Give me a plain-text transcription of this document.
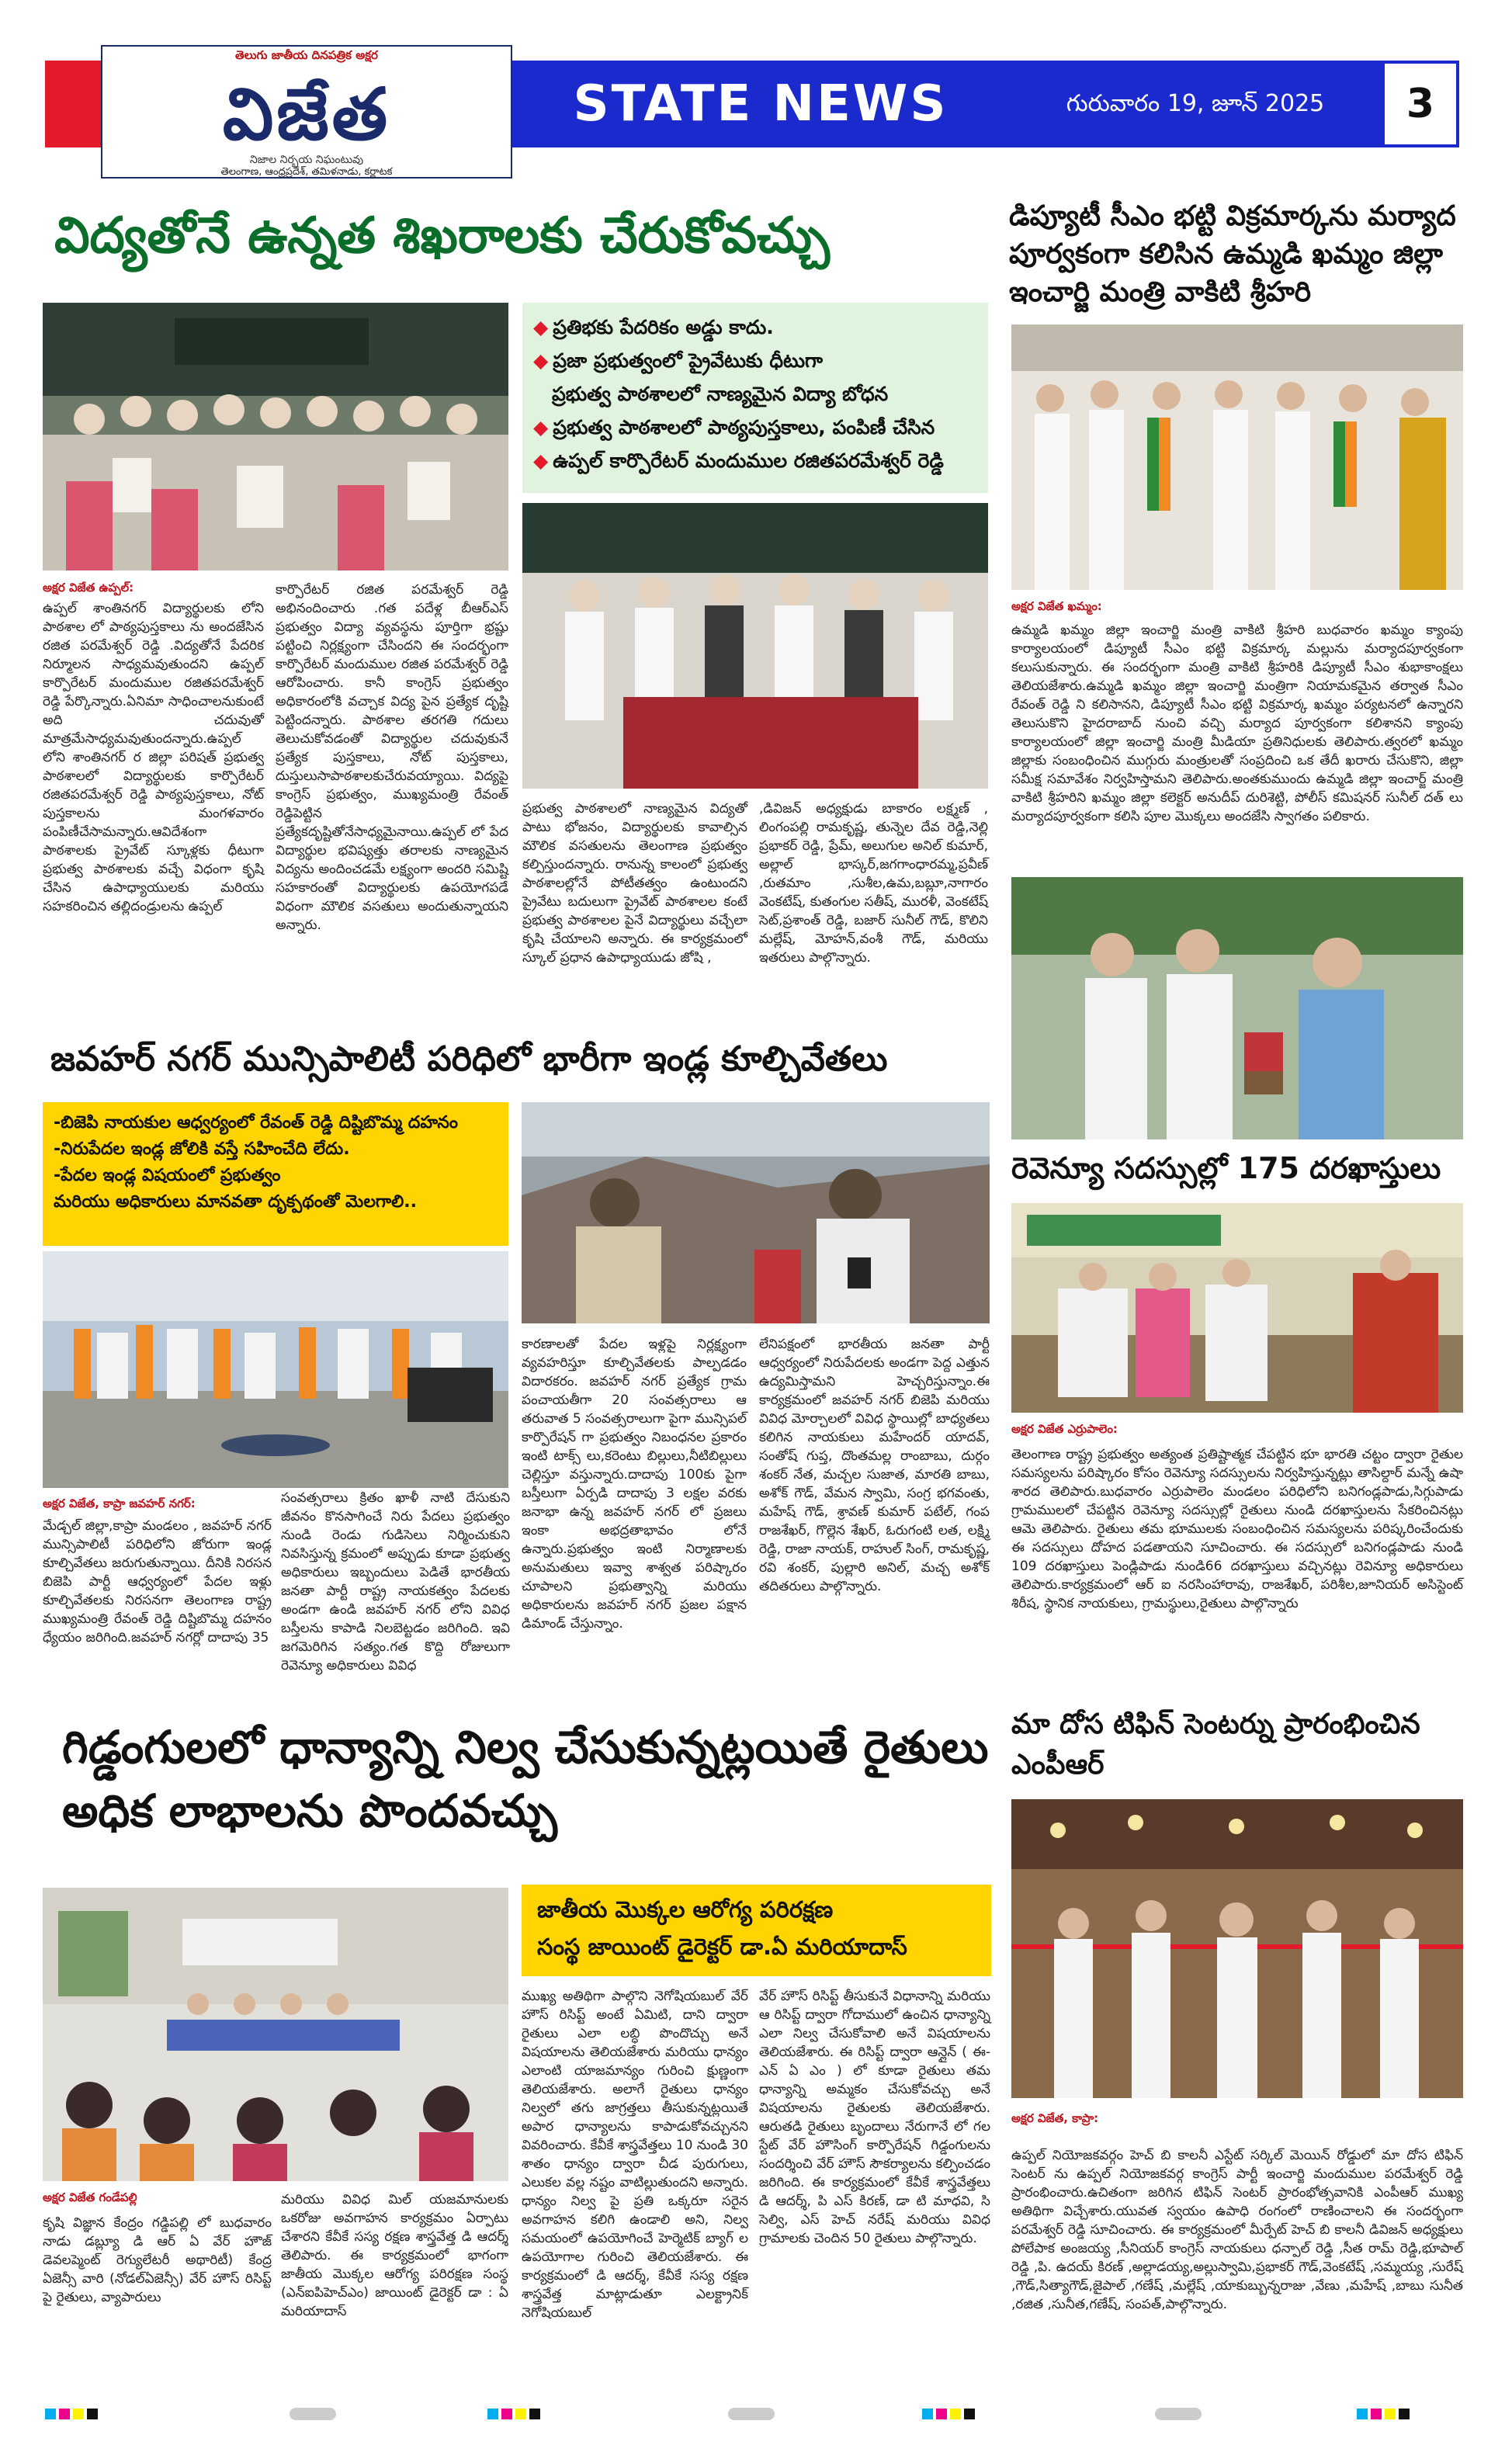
STATE NEWS	గురువారం 19, జూన్ 2025	3
తెలుగు జాతీయ దినపత్రిక అక్షర
విజేత
నిజాల నిర్భయ నిఘంటువు
తెలంగాణ, ఆంధ్రప్రదేశ్, తమిళనాడు, కర్ణాటక
విద్యతోనే ఉన్నత శిఖరాలకు చేరుకోవచ్చు
◆ ప్రతిభకు పేదరికం అడ్డు కాదు.
◆ ప్రజా ప్రభుత్వంలో ప్రైవేటుకు ధీటుగా
ప్రభుత్వ పాఠశాలలో నాణ్యమైన విద్యా బోధన
◆ ప్రభుత్వ పాఠశాలలో పాఠ్యపుస్తకాలు, పంపిణీ చేసిన
◆ ఉప్పల్ కార్పొరేటర్ మందుముల రజితపరమేశ్వర్ రెడ్డి
అక్షర విజేత ఉప్పల్:
ఉప్పల్ శాంతినగర్ విద్యార్థులకు లోని పాఠశాల లో పాఠ్యపుస్తకాలు ను అందజేసిన రజిత పరమేశ్వర్ రెడ్డి .విద్యతోనే పేదరిక నిర్మూలన సాధ్యమవుతుందని ఉప్పల్ కార్పొరేటర్ మందుముల రజితపరమేశ్వర్ రెడ్డి పేర్కొన్నారు.ఏనిమా సాధించాలనుకుంటే అది చదువుతో మాత్రమేసాధ్యమవుతుందన్నారు.ఉప్పల్ లోని శాంతినగర్ ర జిల్లా పరిషత్ ప్రభుత్వ పాఠశాలలో విద్యార్థులకు కార్పొరేటర్ రజితపరమేశ్వర్ రెడ్డి పాఠ్యపుస్తకాలు, నోట్ పుస్తకాలను మంగళవారం పంపిణీచేసామన్నారు.ఆవిదేశంగా పాఠశాలకు ప్రైవేట్ స్కూళ్లకు ధీటుగా ప్రభుత్వ పాఠశాలకు వచ్చే విధంగా కృషి చేసిన ఉపాధ్యాయులకు మరియు సహకరించిన తల్లిదండ్రులను ఉప్పల్
కార్పొరేటర్ రజిత పరమేశ్వర్ రెడ్డి అభినందించారు .గత పదేళ్ల బీఆర్ఎస్ ప్రభుత్వం విద్యా వ్యవస్థను పూర్తిగా భ్రష్టు పట్టించి నిర్లక్ష్యంగా చేసిందని ఈ సందర్భంగా కార్పొరేటర్ మందుముల రజిత పరమేశ్వర్ రెడ్డి ఆరోపించారు. కానీ కాంగ్రెస్ ప్రభుత్వం అధికారంలోకి వచ్చాక విద్య పైన ప్రత్యేక దృష్టి పెట్టిందన్నారు. పాఠశాల తరగతి గదులు తెలుచుకోవడంతో విద్యార్థుల చదువుకునే ప్రత్యేక పుస్తకాలు, నోట్ పుస్తకాలు, దుస్తులుసాపాఠశాలకుచేరువయ్యాయి. విద్యపై కాంగ్రెస్ ప్రభుత్వం, ముఖ్యమంత్రి రేవంత్ రెడ్డిపెట్టిన ప్రత్యేకదృష్టితోనేసాధ్యమైనాయి.ఉప్పల్ లో పేద విద్యార్థుల భవిష్యత్తు తరాలకు నాణ్యమైన విద్యను అందించడమే లక్ష్యంగా అందరి సమిష్టి సహకారంతో విద్యార్థులకు ఉపయోగపడే విధంగా మౌలిక వసతులు అందుతున్నాయని అన్నారు.
ప్రభుత్వ పాఠశాలలో నాణ్యమైన విద్యతో పాటు భోజనం, విద్యార్థులకు కావాల్సిన మౌలిక వసతులను తెలంగాణ ప్రభుత్వం కల్పిస్తుందన్నారు. రానున్న కాలంలో ప్రభుత్వ పాఠశాలల్లోనే పోటీతత్వం ఉంటుందని ప్రైవేటు బదులుగా ప్రైవేట్ పాఠశాలల కంటే ప్రభుత్వ పాఠశాలల పైనే విద్యార్థులు వచ్చేలా కృషి చేయాలని అన్నారు. ఈ కార్యక్రమంలో స్కూల్ ప్రధాన ఉపాధ్యాయుడు జోషి ,
,డివిజన్ అధ్యక్షుడు బాకారం లక్ష్మణ్ , లింగంపల్లి రామకృష్ణ, తున్నెల దేవ రెడ్డి,నెల్లి ప్రభాకర్ రెడ్డి, ప్రేమ్, అలుగుల అనిల్ కుమార్, అల్లాల్ భాస్కర్,జగగాంధారమ్మ,ప్రవీణ్ ,రుతమాం ,సుశీల,ఉమ,బబ్లూ,నాగారం వెంకటేష్, కుతంగుల సతీష్, మురళీ, వెంకటేష్ సెట్,ప్రశాంత్ రెడ్డి, బజార్ సునీల్ గౌడ్, కొలిని మల్లేష్, మోహన్,వంశీ గౌడ్, మరియు ఇతరులు పాల్గొన్నారు.
డిప్యూటీ సీఎం భట్టి విక్రమార్కను మర్యాద పూర్వకంగా కలిసిన ఉమ్మడి ఖమ్మం జిల్లా ఇంచార్జి మంత్రి వాకిటి శ్రీహరి
అక్షర విజేత ఖమ్మం:
ఉమ్మడి ఖమ్మం జిల్లా ఇంచార్జి మంత్రి వాకిటి శ్రీహరి బుధవారం ఖమ్మం క్యాంపు కార్యాలయంలో డిప్యూటీ సీఎం భట్టి విక్రమార్క మల్లును మర్యాదపూర్వకంగా కలుసుకున్నారు. ఈ సందర్భంగా మంత్రి వాకిటి శ్రీహరికి డిప్యూటీ సీఎం శుభాకాంక్షలు తెలియజేశారు.ఉమ్మడి ఖమ్మం జిల్లా ఇంచార్జి మంత్రిగా నియామకమైన తర్వాత సీఎం రేవంత్ రెడ్డి ని కలిసానని, డిప్యూటీ సీఎం భట్టి విక్రమార్క ఖమ్మం పర్యటనలో ఉన్నారని తెలుసుకొని హైదరాబాద్ నుంచి వచ్చి మర్యాద పూర్వకంగా కలిశానని క్యాంపు కార్యాలయంలో జిల్లా ఇంచార్జి మంత్రి మీడియా ప్రతినిధులకు తెలిపారు.త్వరలో ఖమ్మం జిల్లాకు సంబంధించిన ముగ్గురు మంత్రులతో సంప్రదించి ఒక తేదీ ఖరారు చేసుకొని, జిల్లా సమీక్ష సమావేశం నిర్వహిస్తామని తెలిపారు.అంతకుముందు ఉమ్మడి జిల్లా ఇంచార్జ్ మంత్రి వాకిటి శ్రీహరిని ఖమ్మం జిల్లా కలెక్టర్ అనుదీప్ దురిశెట్టి, పోలీస్ కమిషనర్ సునీల్ దత్ లు మర్యాదపూర్వకంగా కలిసి పూల మొక్కలు అందజేసి స్వాగతం పలికారు.
జవహర్ నగర్ మున్సిపాలిటీ పరిధిలో భారీగా ఇండ్ల కూల్చివేతలు
-బిజెపి నాయకుల ఆధ్వర్యంలో రేవంత్ రెడ్డి దిష్టిబొమ్మ దహనం
-నిరుపేదల ఇండ్ల జోలికి వస్తే సహించేది లేదు.
-పేదల ఇండ్ల విషయంలో ప్రభుత్వం
మరియు అధికారులు మానవతా దృక్పథంతో మెలగాలి..
అక్షర విజేత, కాప్రా జవహర్ నగర్:
మేడ్చల్ జిల్లా,కాప్రా మండలం , జవహర్ నగర్ మున్సిపాలిటీ పరిధిలోని జోరుగా ఇండ్ల కూల్చివేతలు జరుగుతున్నాయి. దీనికి నిరసన బిజెపి పార్టీ ఆధ్వర్యంలో పేదల ఇళ్లు కూల్చివేతలకు నిరసనగా తెలంగాణ రాష్ట్ర ముఖ్యమంత్రి రేవంత్ రెడ్డి దిష్టిబొమ్మ దహనం ధ్యేయం జరిగింది.జవహర్ నగర్లో దాదాపు 35
సంవత్సరాలు క్రితం ఖాళీ నాటి దేసుకుని జీవనం కొనసాగించే నిరు పేదలు ప్రభుత్వం నుండి రెండు గుడిసెలు నిర్మించుకుని నివసిస్తున్న క్రమంలో అప్పుడు కూడా ప్రభుత్వ అధికారులు ఇబ్బందులు పెడితే భారతీయ జనతా పార్టీ రాష్ట్ర నాయకత్వం పేదలకు అండగా ఉండి జవహర్ నగర్ లోని వివిధ బస్తీలను కాపాడి నిలబెట్టడం జరిగింది. ఇవి జగమెరిగిన సత్యం.గత కొద్ది రోజులుగా రెవెన్యూ అధికారులు వివిధ
కారణాలతో పేదల ఇళ్లపై నిర్లక్ష్యంగా వ్యవహరిస్తూ కూల్చివేతలకు పాల్పడడం విదారకరం. జవహర్ నగర్ ప్రత్యేక గ్రామ పంచాయతీగా 20 సంవత్సరాలు ఆ తరువాత 5 సంవత్సరాలుగా పైగా మున్సిపల్ కార్పొరేషన్ గా ప్రభుత్వం నిబంధనల ప్రకారం ఇంటి టాక్స్ లు,కరెంటు బిల్లులు,నీటిబిల్లులు చెల్లిస్తూ వస్తున్నారు.దాదాపు 100కు పైగా బస్తీలుగా ఏర్పడి దాదాపు 3 లక్షల వరకు జనాభా ఉన్న జవహర్ నగర్ లో ప్రజలు ఇంకా అభద్రతాభావం లోనే ఉన్నారు.ప్రభుత్వం ఇంటి నిర్మాణాలకు అనుమతులు ఇవ్వా శాశ్వత పరిష్కారం చూపాలని ప్రభుత్వాన్ని మరియు అధికారులను జవహర్ నగర్ ప్రజల పక్షాన డిమాండ్ చేస్తున్నాం.
లేనిపక్షంలో భారతీయ జనతా పార్టీ ఆధ్వర్యంలో నిరుపేదలకు అండగా పెద్ద ఎత్తున ఉద్యమిస్తామని హెచ్చరిస్తున్నాం.ఈ కార్యక్రమంలో జవహర్ నగర్ బిజెపి మరియు వివిధ మోర్చాలలో వివిధ స్థాయిల్లో బాధ్యతలు కలిగిన నాయకులు మహేందర్ యాదవ్, సంతోష్ గుప్త, దొంతమల్ల రాంబాబు, దుర్గం శంకర్ నేత, మచ్చల సుజాత, మారతి బాబు, అశోక్ గౌడ్, వేమన స్వామి, సంగ్ర భగవంతు, మహేష్ గౌడ్, శ్రావణ్ కుమార్ పటేల్, గంప రాజశేఖర్, గొల్లెన శేఖర్, ఓరుగంటి లత, లక్ష్మి రెడ్డి, రాజా నాయక్, రాహుల్ సింగ్, రామకృష్ణ, రవి శంకర్, పుల్లారి అనిల్, మచ్చ అశోక్ తదితరులు పాల్గొన్నారు.
రెవెన్యూ సదస్సుల్లో 175 దరఖాస్తులు
అక్షర విజేత ఎర్రుపాలెం:
తెలంగాణ రాష్ట్ర ప్రభుత్వం అత్యంత ప్రతిష్టాత్మక చేపట్టిన భూ భారతి చట్టం ద్వారా రైతుల సమస్యలను పరిష్కారం కోసం రెవెన్యూ సదస్సులను నిర్వహిస్తున్నట్లు తాసిల్దార్ మన్నే ఉషా శారద తెలిపారు.బుధవారం ఎర్రుపాలెం మండలం పరిధిలోని బనిగండ్లపాడు,సిగ్గుపాడు గ్రామములలో చేపట్టిన రెవెన్యూ సదస్సుల్లో రైతులు నుండి దరఖాస్తులను సేకరించినట్లు ఆమె తెలిపారు. రైతులు తమ భూములకు సంబంధించిన సమస్యలను పరిష్కరించేందుకు ఈ సదస్సులు దోహద పడతాయని సూచించారు. ఈ సదస్సులో బనిగండ్లపాడు నుండి 109 దరఖాస్తులు పెండ్లిపాడు నుండి66 దరఖాస్తులు వచ్చినట్లు రెవిన్యూ అధికారులు తెలిపారు.కార్యక్రమంలో ఆర్ ఐ నరసింహారావు, రాజశేఖర్, పరిశీల,జూనియర్ అసిస్టెంట్ శిరీష, స్థానిక నాయకులు, గ్రామస్థులు,రైతులు పాల్గొన్నారు
మా దోస టిఫిన్ సెంటర్ను ప్రారంభించిన ఎంపీఆర్
అక్షర విజేత, కాప్రా:
ఉప్పల్ నియోజకవర్గం హెచ్ బి కాలనీ ఎస్టేట్ సర్కిల్ మెయిన్ రోడ్డులో మా దోస టిఫిన్ సెంటర్ ను ఉప్పల్ నియోజకవర్గ కాంగ్రెస్ పార్టీ ఇంచార్జి మందుముల పరమేశ్వర్ రెడ్డి ప్రారంభించారు.ఉచితంగా జరిగిన టిఫిన్ సెంటర్ ప్రారంభోత్సవానికి ఎంపీఆర్ ముఖ్య అతిథిగా విచ్చేశారు.యువత స్వయం ఉపాధి రంగంలో రాణించాలని ఈ సందర్భంగా పరమేశ్వర్ రెడ్డి సూచించారు. ఈ కార్యక్రమంలో మీర్పేట్ హెచ్ బి కాలనీ డివిజన్ అధ్యక్షులు పోలేపాక అంజయ్య ,సీనియర్ కాంగ్రెస్ నాయకులు ధన్పాల్ రెడ్డి ,సీత రామ్ రెడ్డి,భూపాల్ రెడ్డి ,పి. ఉదయ్ కిరణ్ ,అల్లాడయ్య,అల్లుస్వామి,ప్రభాకర్ గౌడ్,వెంకటేష్ ,సమ్మయ్య ,సురేష్ ,గౌడ్,సిత్యాగౌడ్,జైపాల్ ,గణేష్ ,మల్లేష్ ,యాకుబ్బున్నరాజు ,వేణు ,మహేష్ ,బాబు సునీత ,రజిత ,సునీత,గణేష్, సంపత్,పాల్గొన్నారు.
గిడ్డంగులలో ధాన్యాన్ని నిల్వ చేసుకున్నట్లయితే రైతులు అధిక లాభాలను పొందవచ్చు
జాతీయ మొక్కల ఆరోగ్య పరిరక్షణ
సంస్థ జాయింట్ డైరెక్టర్ డా.ఏ మరియాదాస్
అక్షర విజేత గండేపల్లి
కృషి విజ్ఞాన కేంద్రం గడ్డిపల్లి లో బుధవారం నాడు డబ్ల్యూ డి ఆర్ ఏ వేర్ హౌజ్ డెవలప్మెంట్ రెగ్యులేటరీ అథారిటీ) కేంద్ర ఏజెన్సీ వారి (నోడల్ఏజెన్సీ) వేర్ హౌస్ రిసిప్ట్ పై రైతులు, వ్యాపారులు
మరియు వివిధ మిల్ యజమానులకు ఒకరోజు అవగాహన కార్యక్రమం ఏర్పాటు చేశారని కేవీకే సస్య రక్షణ శాస్త్రవేత్త డి ఆదర్శ్ తెలిపారు. ఈ కార్యక్రమంలో భాగంగా జాతీయ మొక్కల ఆరోగ్య పరిరక్షణ సంస్థ (ఎన్ఐపిహెచ్ఎం) జాయింట్ డైరెక్టర్ డా : ఏ మరియాదాస్
ముఖ్య అతిథిగా పాల్గొని నెగోషియబుల్ వేర్ హౌస్ రిసిప్ట్ అంటే ఏమిటి, దాని ద్వారా రైతులు ఎలా లబ్ధి పొందొచ్చు అనే విషయాలను తెలియజేశారు మరియు ధాన్యం ఎలాంటి యాజమాన్యం గురించి క్షుణ్ణంగా తెలియజేశారు. అలాగే రైతులు ధాన్యం నిల్వలో తగు జాగ్రత్తలు తీసుకున్నట్లయితే అపార ధాన్యాలను కాపాడుకోవచ్చునని వివరించారు. కేవీకే శాస్త్రవేత్తలు 10 నుండి 30 శాతం ధాన్యం ద్వారా చీడ పురుగులు, ఎలుకల వల్ల నష్టం వాటిల్లుతుందని అన్నారు. ధాన్యం నిల్వ పై ప్రతి ఒక్కరూ సరైన అవగాహన కలిగి ఉండాలి అని, నిల్వ సమయంలో ఉపయోగించే హెర్మెటిక్ బ్యాగ్ ల ఉపయోగాల గురించి తెలియజేశారు. ఈ కార్యక్రమంలో డి ఆదర్శ్, కేవీకే సస్య రక్షణ శాస్త్రవేత్త మాట్లాడుతూ ఎలక్ట్రానిక్ నెగోషియబుల్
వేర్ హౌస్ రిసిప్ట్ తీసుకునే విధానాన్ని మరియు ఆ రిసిప్ట్ ద్వారా గోదాములో ఉంచిన ధాన్యాన్ని ఎలా నిల్వ చేసుకోవాలి అనే విషయాలను తెలియజేశారు. ఈ రిసిప్ట్ ద్వారా ఆన్లైన్ ( ఈ- ఎన్ ఏ ఎం ) లో కూడా రైతులు తమ ధాన్యాన్ని అమ్మకం చేసుకోవచ్చు అనే విషయాలను రైతులకు తెలియజేశారు. ఆరుతడి రైతులు బృందాలు నేరుగానే లో గల స్టేట్ వేర్ హౌసింగ్ కార్పొరేషన్ గిడ్డంగులను సందర్శించి వేర్ హౌస్ సౌకర్యాలను కల్పించడం జరిగింది. ఈ కార్యక్రమంలో కేవీకే శాస్త్రవేత్తలు డి ఆదర్శ్, పి ఎస్ కిరణ్, డా టి మాధవి, సి సెల్వి, ఎస్ హెచ్ నరేష్ మరియు వివిధ గ్రామాలకు చెందిన 50 రైతులు పాల్గొన్నారు.
